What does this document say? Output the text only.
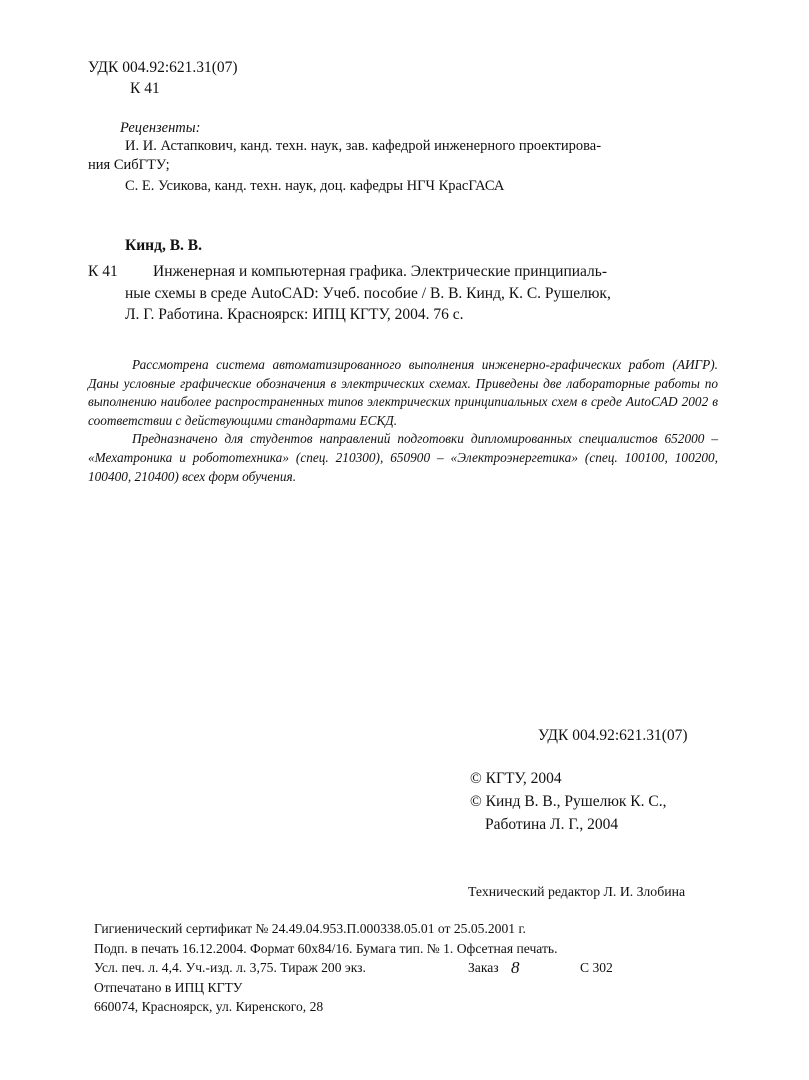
УДК 004.92:621.31(07)
К 41
Рецензенты:
И. И. Астапкович, канд. техн. наук, зав. кафедрой инженерного проектирова-
ния СибГТУ;
С. Е. Усикова, канд. техн. наук, доц. кафедры НГЧ КрасГАСА
Кинд, В. В.
К 41 Инженерная и компьютерная графика. Электрические принципиаль-
ные схемы в среде AutoCAD: Учеб. пособие / В. В. Кинд, К. С. Рушелюк,
Л. Г. Работина. Красноярск: ИПЦ КГТУ, 2004. 76 с.

Рассмотрена система автоматизированного выполнения инженерно-графических работ (АИГР). Даны условные графические обозначения в электрических схемах. Приведены две лабораторные работы по выполнению наиболее распространенных типов электрических принципиальных схем в среде AutoCAD 2002 в соответствии с действующими стандартами ЕСКД.

Предназначено для студентов направлений подготовки дипломированных специалистов 652000 – «Мехатроника и робототехника» (спец. 210300), 650900 – «Электроэнергетика» (спец. 100100, 100200, 100400, 210400) всех форм обучения.

УДК 004.92:621.31(07)
© КГТУ, 2004
© Кинд В. В., Рушелюк К. С.,
Работина Л. Г., 2004
Технический редактор Л. И. Злобина
Гигиенический сертификат № 24.49.04.953.П.000338.05.01 от 25.05.2001 г.
Подп. в печать 16.12.2004. Формат 60x84/16. Бумага тип. № 1. Офсетная печать.
Усл. печ. л. 4,4. Уч.-изд. л. 3,75. Тираж 200 экз.	Заказ 8	С 302
Отпечатано в ИПЦ КГТУ
660074, Красноярск, ул. Киренского, 28
